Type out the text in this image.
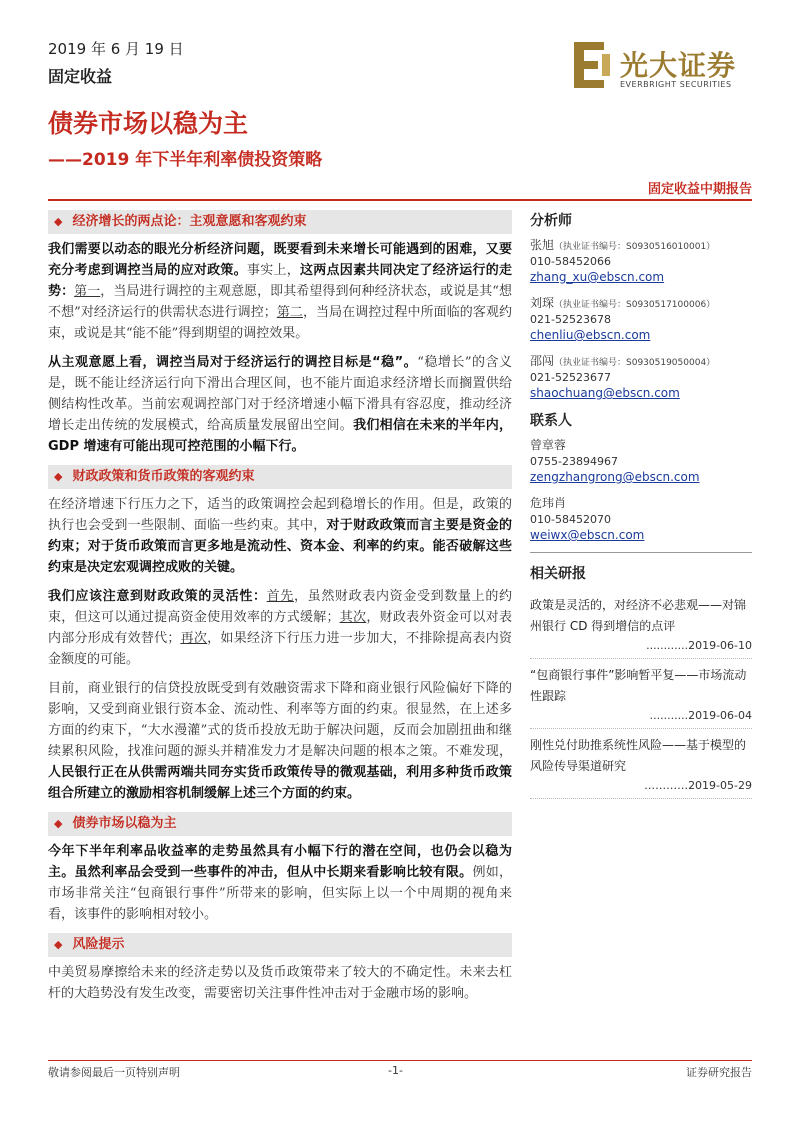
2019 年 6 月 19 日
固定收益	光大证券
EVERBRIGHT SECURITIES
债券市场以稳为主
——2019 年下半年利率债投资策略
固定收益中期报告
◆ 经济增长的两点论：主观意愿和客观约束
我们需要以动态的眼光分析经济问题，既要看到未来增长可能遇到的困难，又要充分考虑到调控当局的应对政策。事实上，这两点因素共同决定了经济运行的走势：第一，当局进行调控的主观意愿，即其希望得到何种经济状态，或说是其“想不想”对经济运行的供需状态进行调控；第二，当局在调控过程中所面临的客观约束，或说是其“能不能”得到期望的调控效果。
从主观意愿上看，调控当局对于经济运行的调控目标是“稳”。“稳增长”的含义是，既不能让经济运行向下滑出合理区间，也不能片面追求经济增长而搁置供给侧结构性改革。当前宏观调控部门对于经济增速小幅下滑具有容忍度，推动经济增长走出传统的发展模式，给高质量发展留出空间。我们相信在未来的半年内，GDP 增速有可能出现可控范围的小幅下行。
◆ 财政政策和货币政策的客观约束
在经济增速下行压力之下，适当的政策调控会起到稳增长的作用。但是，政策的执行也会受到一些限制、面临一些约束。其中，对于财政政策而言主要是资金的约束；对于货币政策而言更多地是流动性、资本金、利率的约束。能否破解这些约束是决定宏观调控成败的关键。
我们应该注意到财政政策的灵活性：首先，虽然财政表内资金受到数量上的约束，但这可以通过提高资金使用效率的方式缓解；其次，财政表外资金可以对表内部分形成有效替代；再次，如果经济下行压力进一步加大，不排除提高表内资金额度的可能。
目前，商业银行的信贷投放既受到有效融资需求下降和商业银行风险偏好下降的影响，又受到商业银行资本金、流动性、利率等方面的约束。很显然，在上述多方面的约束下，“大水漫灌”式的货币投放无助于解决问题，反而会加剧扭曲和继续累积风险，找准问题的源头并精准发力才是解决问题的根本之策。不难发现，人民银行正在从供需两端共同夯实货币政策传导的微观基础，利用多种货币政策组合所建立的激励相容机制缓解上述三个方面的约束。
◆ 债券市场以稳为主
今年下半年利率品收益率的走势虽然具有小幅下行的潜在空间，也仍会以稳为主。虽然利率品会受到一些事件的冲击，但从中长期来看影响比较有限。例如，市场非常关注“包商银行事件”所带来的影响，但实际上以一个中周期的视角来看，该事件的影响相对较小。
◆ 风险提示
中美贸易摩擦给未来的经济走势以及货币政策带来了较大的不确定性。未来去杠杆的大趋势没有发生改变，需要密切关注事件性冲击对于金融市场的影响。
分析师
张旭（执业证书编号：S0930516010001）
010-58452066
zhang_xu@ebscn.com
刘琛（执业证书编号：S0930517100006）
021-52523678
chenliu@ebscn.com
邵闯（执业证书编号：S0930519050004）
021-52523677
shaochuang@ebscn.com
联系人
曾章蓉
0755-23894967
zengzhangrong@ebscn.com
危玮肖
010-58452070
weiwx@ebscn.com
相关研报
政策是灵活的，对经济不必悲观——对锦州银行 CD 得到增信的点评
............2019-06-10
“包商银行事件”影响暂平复——市场流动性跟踪
...........2019-06-04
刚性兑付助推系统性风险——基于模型的风险传导渠道研究
…………2019-05-29
敬请参阅最后一页特别声明	-1-	证券研究报告
